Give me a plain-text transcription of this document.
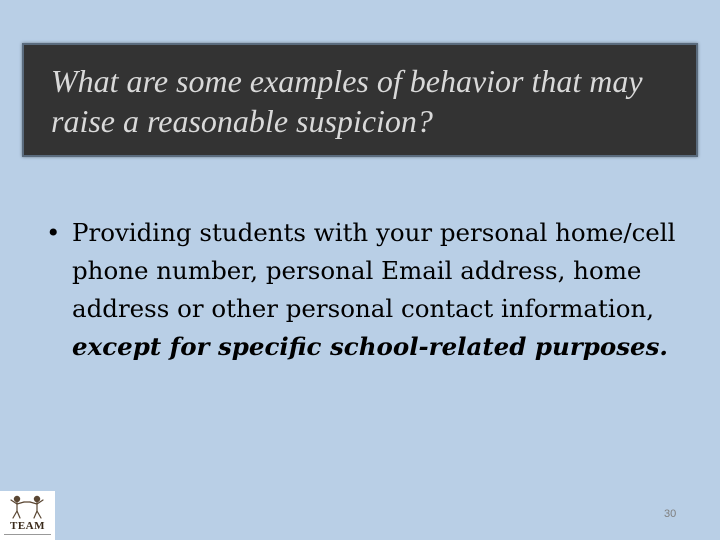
What are some examples of behavior that may raise a reasonable suspicion?
• Providing students with your personal home/cell phone number, personal Email address, home address or other personal contact information, except for specific school-related purposes.
TEAM
30
